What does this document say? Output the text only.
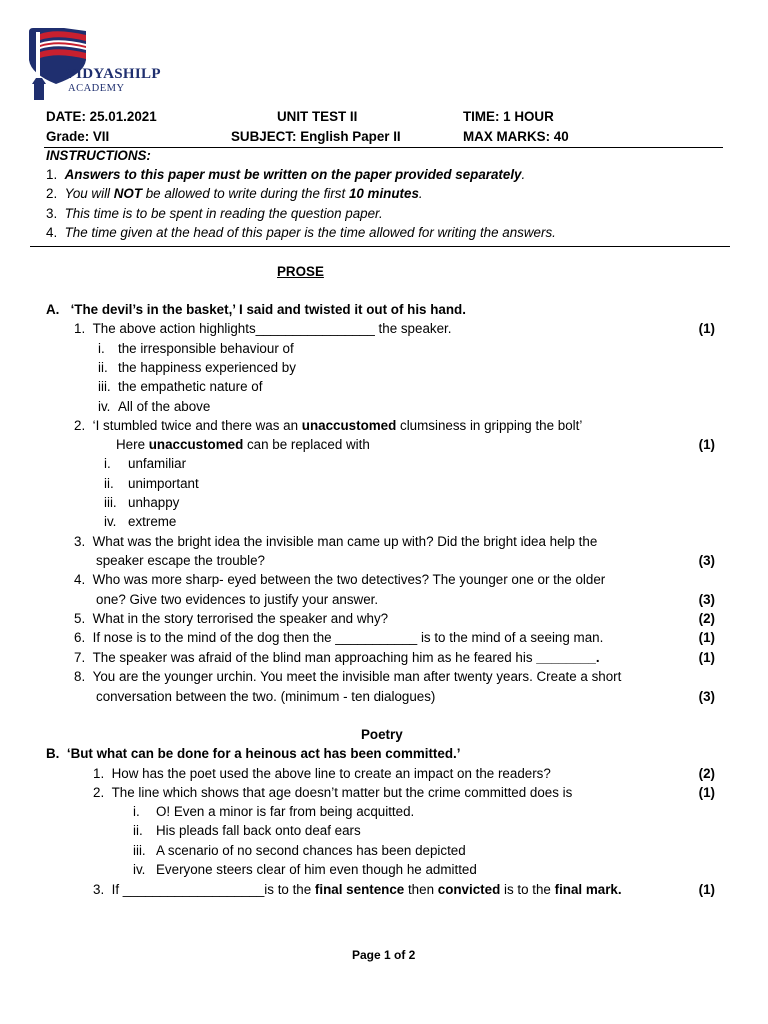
VIDYASHILP
ACADEMY
DATE: 25.01.2021	UNIT TEST II	TIME: 1 HOUR
Grade: VII	SUBJECT: English Paper II	MAX MARKS: 40
INSTRUCTIONS:
1. Answers to this paper must be written on the paper provided separately.
2. You will NOT be allowed to write during the first 10 minutes.
3. This time is to be spent in reading the question paper.
4. The time given at the head of this paper is the time allowed for writing the answers.
PROSE
A. ‘The devil’s in the basket,’ I said and twisted it out of his hand.
1. The above action highlights________________ the speaker.	(1)
i. the irresponsible behaviour of
ii. the happiness experienced by
iii. the empathetic nature of
iv. All of the above
2. ‘I stumbled twice and there was an unaccustomed clumsiness in gripping the bolt’
Here unaccustomed can be replaced with	(1)
i. unfamiliar
ii. unimportant
iii. unhappy
iv. extreme
3. What was the bright idea the invisible man came up with? Did the bright idea help the
speaker escape the trouble?	(3)
4. Who was more sharp- eyed between the two detectives? The younger one or the older
one? Give two evidences to justify your answer.	(3)
5. What in the story terrorised the speaker and why?	(2)
6. If nose is to the mind of the dog then the ___________ is to the mind of a seeing man.	(1)
7. The speaker was afraid of the blind man approaching him as he feared his ________.	(1)
8. You are the younger urchin. You meet the invisible man after twenty years. Create a short
conversation between the two. (minimum - ten dialogues)	(3)
Poetry
B. ‘But what can be done for a heinous act has been committed.’
1. How has the poet used the above line to create an impact on the readers?	(2)
2. The line which shows that age doesn’t matter but the crime committed does is	(1)
i. O! Even a minor is far from being acquitted.
ii. His pleads fall back onto deaf ears
iii. A scenario of no second chances has been depicted
iv. Everyone steers clear of him even though he admitted
3. If ___________________is to the final sentence then convicted is to the final mark.	(1)
Page 1 of 2
